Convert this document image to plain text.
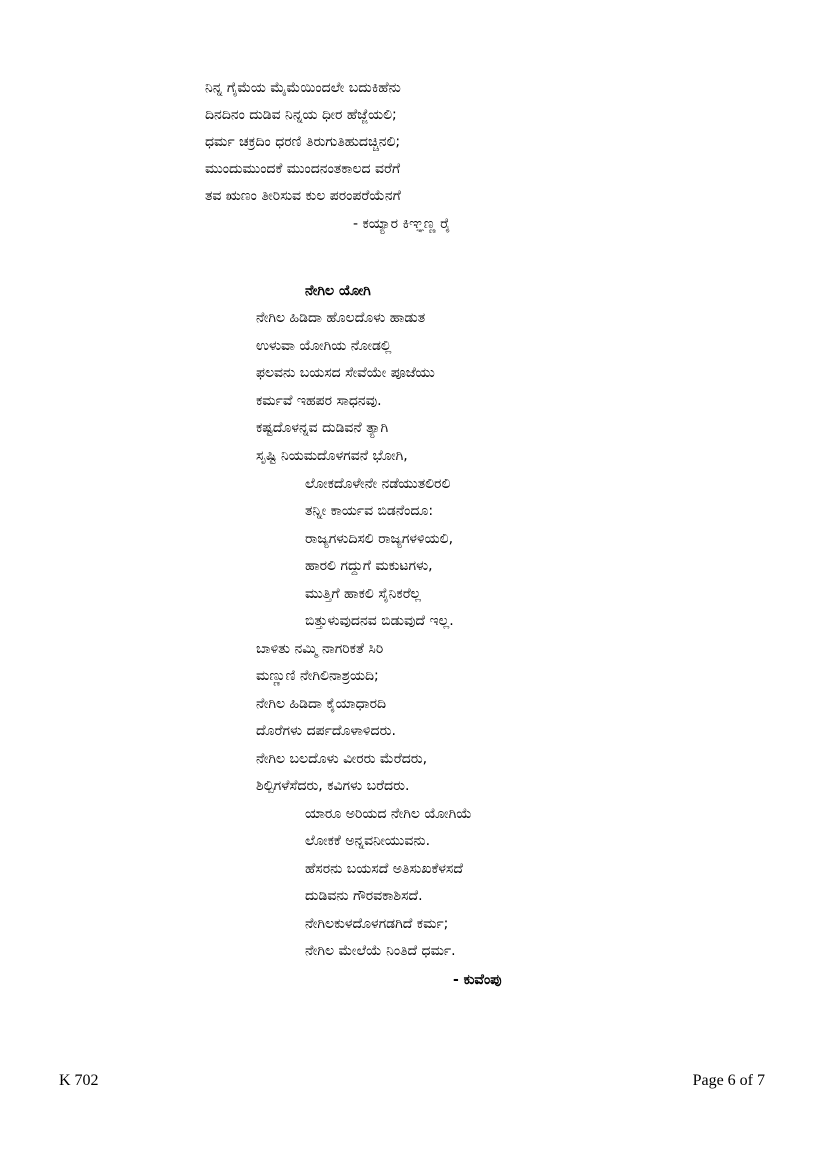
ನಿನ್ನ ಗೈಮೆಯ ಮೈಮೆಯಿಂದಲೇ ಬದುಕಿಹೆನು
ದಿನದಿನಂ ದುಡಿವ ನಿನ್ನಯ ಧೀರ ಹೆಜ್ಜೆಯಲಿ;
ಧರ್ಮ ಚಕ್ರದಿಂ ಧರಣಿ ತಿರುಗುತಿಹುದಚ್ಚಿನಲಿ;
ಮುಂದುಮುಂದಕೆ ಮುಂದನಂತಕಾಲದ ವರೆಗೆ
ತವ ಋಣಂ ತೀರಿಸುವ ಕುಲ ಪರಂಪರೆಯೆನಗೆ
- ಕಯ್ಯಾರ ಕಿಞ್ಞಣ್ಣ ರೈ
ನೇಗಿಲ ಯೋಗಿ
ನೇಗಿಲ ಹಿಡಿದಾ ಹೊಲದೊಳು ಹಾಡುತ
ಉಳುವಾ ಯೋಗಿಯ ನೋಡಲ್ಲಿ
ಫಲವನು ಬಯಸದ ಸೇವೆಯೇ ಪೂಜೆಯು
ಕರ್ಮವೆ ಇಹಪರ ಸಾಧನವು.
ಕಷ್ಟದೊಳನ್ನವ ದುಡಿವನೆ ತ್ಯಾಗಿ
ಸೃಷ್ಟಿ ನಿಯಮದೊಳಗವನೆ ಭೋಗಿ,
ಲೋಕದೊಳೇನೇ ನಡೆಯುತಲಿರಲಿ
ತನ್ನೀ ಕಾರ್ಯವ ಬಿಡನೆಂದೂ:
ರಾಜ್ಯಗಳುದಿಸಲಿ ರಾಜ್ಯಗಳಳಿಯಲಿ,
ಹಾರಲಿ ಗದ್ದುಗೆ ಮಕುಟಗಳು,
ಮುತ್ತಿಗೆ ಹಾಕಲಿ ಸೈನಿಕರೆಲ್ಲ
ಬಿತ್ತುಳುವುದನವ ಬಿಡುವುದೆ ಇಲ್ಲ.
ಬಾಳಿತು ನಮ್ಮಿ ನಾಗರಿಕತೆ ಸಿರಿ
ಮಣ್ಣುಣಿ ನೇಗಿಲಿನಾಶ್ರಯದಿ;
ನೇಗಿಲ ಹಿಡಿದಾ ಕೈಯಾಧಾರದಿ
ದೊರೆಗಳು ದರ್ಪದೊಳಾಳಿದರು.
ನೇಗಿಲ ಬಲದೊಳು ವೀರರು ಮೆರೆದರು,
ಶಿಲ್ಪಿಗಳೆಸೆದರು, ಕವಿಗಳು ಬರೆದರು.
ಯಾರೂ ಅರಿಯದ ನೇಗಿಲ ಯೋಗಿಯೆ
ಲೋಕಕೆ ಅನ್ನವನೀಯುವನು.
ಹೆಸರನು ಬಯಸದೆ ಅತಿಸುಖಕೆಳಸದೆ
ದುಡಿವನು ಗೌರವಕಾಶಿಸದೆ.
ನೇಗಿಲಕುಳದೊಳಗಡಗಿದೆ ಕರ್ಮ;
ನೇಗಿಲ ಮೇಲೆಯೆ ನಿಂತಿದೆ ಧರ್ಮ.
- ಕುವೆಂಪು
K 702	Page 6 of 7
